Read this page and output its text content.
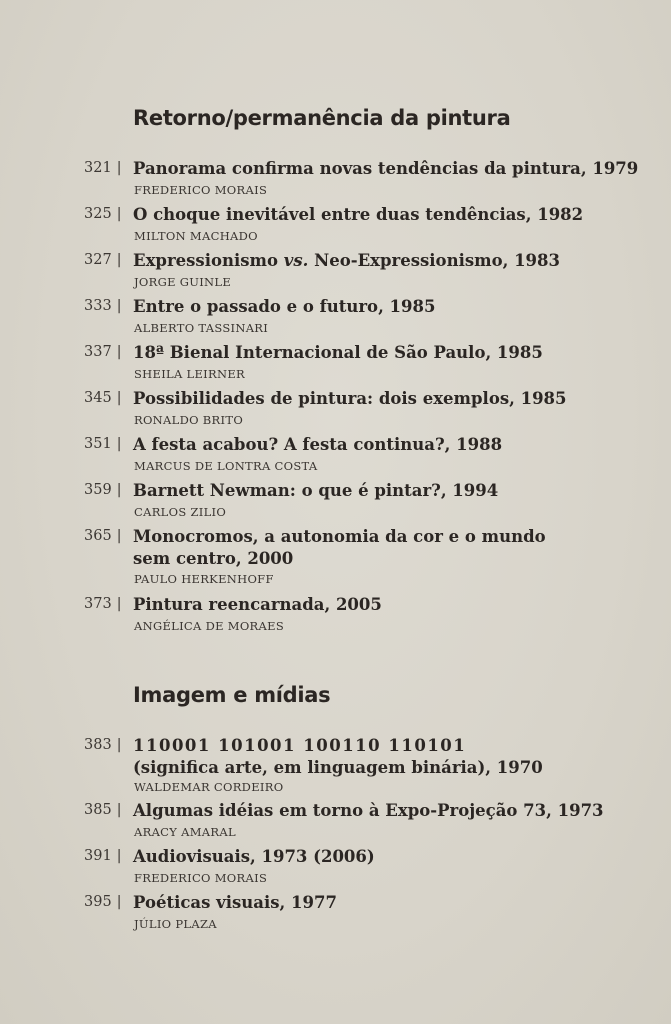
Retorno/permanência da pintura
321 | Panorama confirma novas tendências da pintura, 1979
FREDERICO MORAIS
325 | O choque inevitável entre duas tendências, 1982
MILTON MACHADO
327 | Expressionismo vs. Neo-Expressionismo, 1983
JORGE GUINLE
333 | Entre o passado e o futuro, 1985
ALBERTO TASSINARI
337 | 18ª Bienal Internacional de São Paulo, 1985
SHEILA LEIRNER
345 | Possibilidades de pintura: dois exemplos, 1985
RONALDO BRITO
351 | A festa acabou? A festa continua?, 1988
MARCUS DE LONTRA COSTA
359 | Barnett Newman: o que é pintar?, 1994
CARLOS ZILIO
365 | Monocromos, a autonomia da cor e o mundo
sem centro, 2000
PAULO HERKENHOFF
373 | Pintura reencarnada, 2005
ANGÉLICA DE MORAES
Imagem e mídias
383 | 110001 101001 100110 110101
(significa arte, em linguagem binária), 1970
WALDEMAR CORDEIRO
385 | Algumas idéias em torno à Expo-Projeção 73, 1973
ARACY AMARAL
391 | Audiovisuais, 1973 (2006)
FREDERICO MORAIS
395 | Poéticas visuais, 1977
JÚLIO PLAZA
